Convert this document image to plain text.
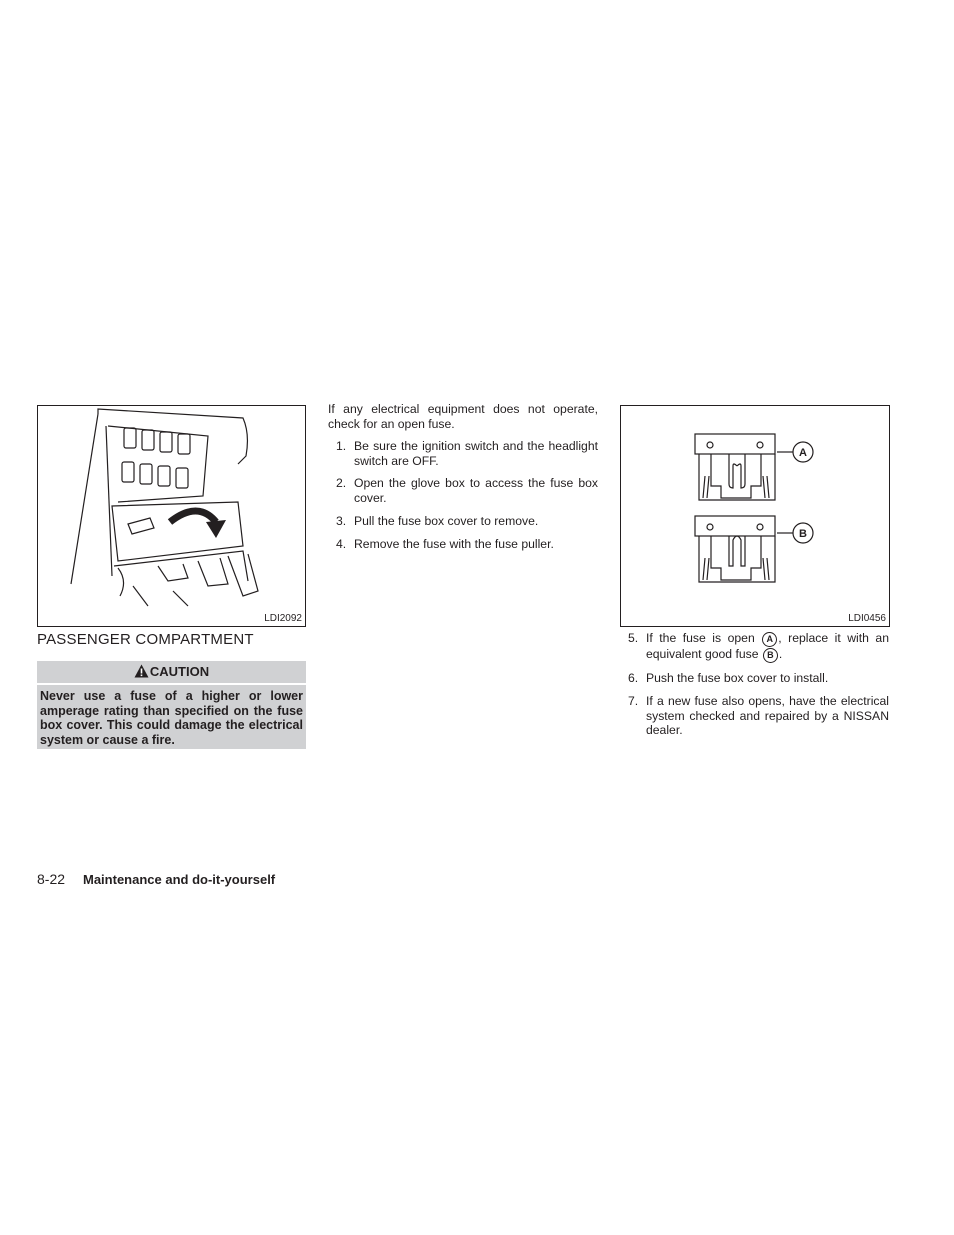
LDI2092
PASSENGER COMPARTMENT
CAUTION
Never use a fuse of a higher or lower amperage rating than specified on the fuse box cover. This could damage the electrical system or cause a fire.
If any electrical equipment does not operate, check for an open fuse.
1. Be sure the ignition switch and the headlight switch are OFF.
2. Open the glove box to access the fuse box cover.
3. Pull the fuse box cover to remove.
4. Remove the fuse with the fuse puller.
A
B
LDI0456
5. If the fuse is open A , replace it with an equivalent good fuse B .
6. Push the fuse box cover to install.
7. If a new fuse also opens, have the electrical system checked and repaired by a NISSAN dealer.
8-22 Maintenance and do-it-yourself
